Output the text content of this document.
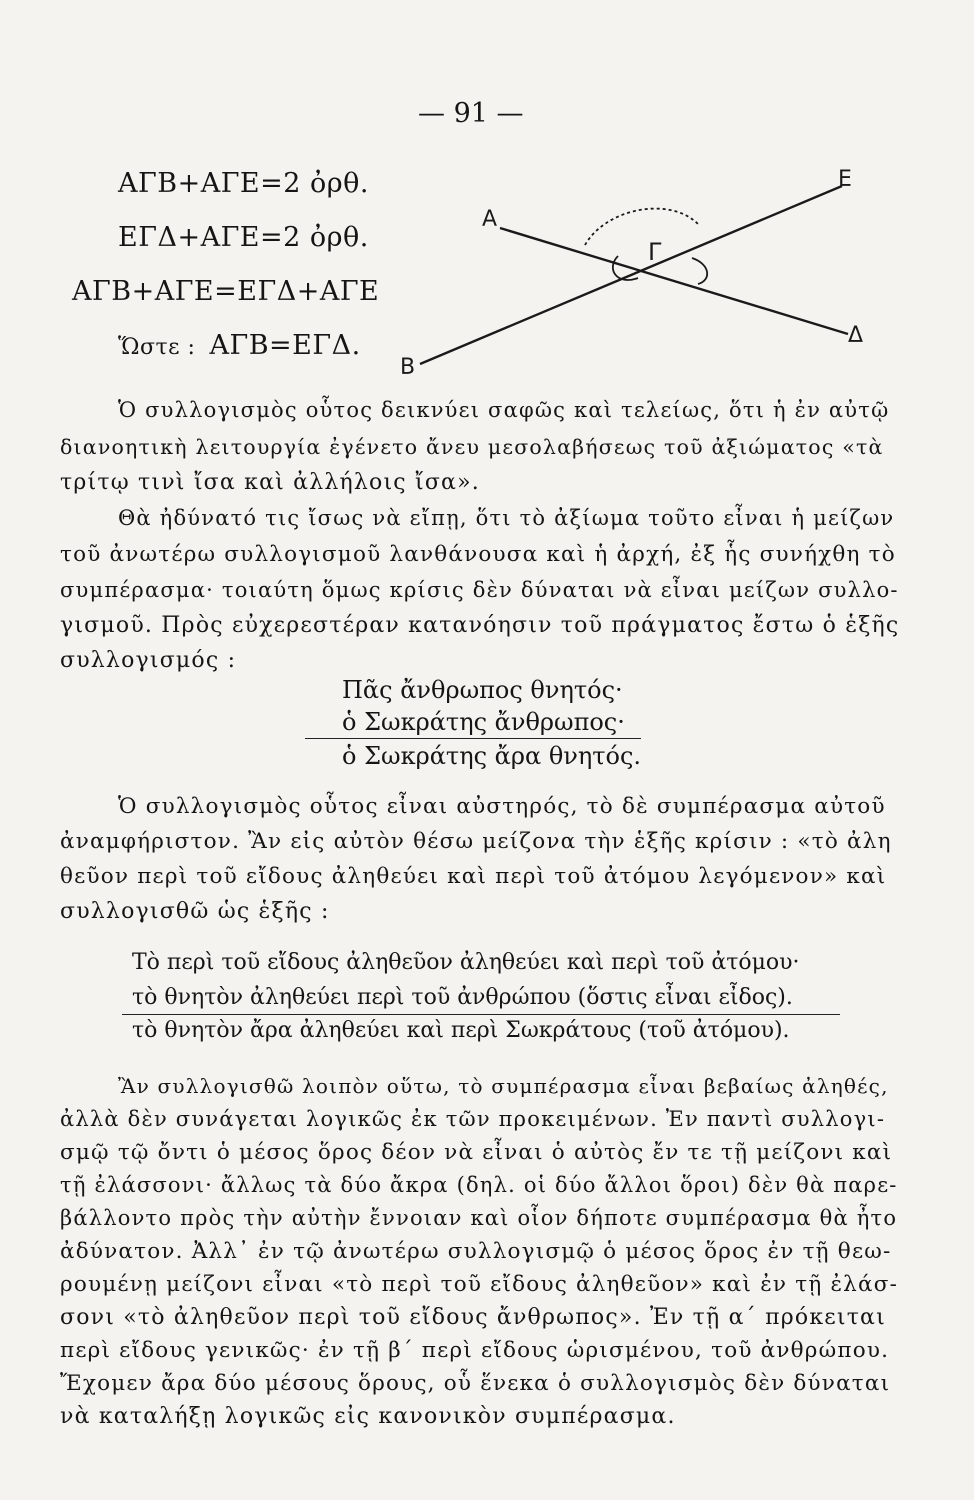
— 91 —
ΑΓΒ+ΑΓΕ=2 ὀρθ.
ΕΓΔ+ΑΓΕ=2 ὀρθ.
ΑΓΒ+ΑΓΕ=ΕΓΔ+ΑΓΕ
Ὥστε : ΑΓΒ=ΕΓΔ.
Α
Γ
Ε
Δ
Β
Ὁ συλλογισμὸς οὗτος δεικνύει σαφῶς καὶ τελείως, ὅτι ἡ ἐν αὐτῷ
διανοητικὴ λειτουργία ἐγένετο ἄνευ μεσολαβήσεως τοῦ ἀξιώματος «τὰ
τρίτῳ τινὶ ἴσα καὶ ἀλλήλοις ἴσα».
Θὰ ἠδύνατό τις ἴσως νὰ εἴπῃ, ὅτι τὸ ἀξίωμα τοῦτο εἶναι ἡ μείζων
τοῦ ἀνωτέρω συλλογισμοῦ λανθάνουσα καὶ ἡ ἀρχή, ἐξ ἧς συνήχθη τὸ
συμπέρασμα· τοιαύτη ὅμως κρίσις δὲν δύναται νὰ εἶναι μείζων συλλο-
γισμοῦ. Πρὸς εὐχερεστέραν κατανόησιν τοῦ πράγματος ἔστω ὁ ἑξῆς
συλλογισμός :
Πᾶς ἄνθρωπος θνητός·
ὁ Σωκράτης ἄνθρωπος·
ὁ Σωκράτης ἄρα θνητός.
Ὁ συλλογισμὸς οὗτος εἶναι αὐστηρός, τὸ δὲ συμπέρασμα αὐτοῦ
ἀναμφήριστον. Ἂν εἰς αὐτὸν θέσω μείζονα τὴν ἑξῆς κρίσιν : «τὸ ἀλη
θεῦον περὶ τοῦ εἴδους ἀληθεύει καὶ περὶ τοῦ ἀτόμου λεγόμενον» καὶ
συλλογισθῶ ὡς ἑξῆς :
Τὸ περὶ τοῦ εἴδους ἀληθεῦον ἀληθεύει καὶ περὶ τοῦ ἀτόμου·
τὸ θνητὸν ἀληθεύει περὶ τοῦ ἀνθρώπου (ὅστις εἶναι εἶδος).
τὸ θνητὸν ἄρα ἀληθεύει καὶ περὶ Σωκράτους (τοῦ ἀτόμου).
Ἂν συλλογισθῶ λοιπὸν οὕτω, τὸ συμπέρασμα εἶναι βεβαίως ἀληθές,
ἀλλὰ δὲν συνάγεται λογικῶς ἐκ τῶν προκειμένων. Ἐν παντὶ συλλογι-
σμῷ τῷ ὄντι ὁ μέσος ὅρος δέον νὰ εἶναι ὁ αὐτὸς ἔν τε τῇ μείζονι καὶ
τῇ ἐλάσσονι· ἄλλως τὰ δύο ἄκρα (δηλ. οἱ δύο ἄλλοι ὅροι) δὲν θὰ παρε-
βάλλοντο πρὸς τὴν αὐτὴν ἔννοιαν καὶ οἷον δήποτε συμπέρασμα θὰ ἦτο
ἀδύνατον. Ἀλλ᾽ ἐν τῷ ἀνωτέρω συλλογισμῷ ὁ μέσος ὅρος ἐν τῇ θεω-
ρουμένῃ μείζονι εἶναι «τὸ περὶ τοῦ εἴδους ἀληθεῦον» καὶ ἐν τῇ ἐλάσ-
σονι «τὸ ἀληθεῦον περὶ τοῦ εἴδους ἄνθρωπος». Ἐν τῇ α´ πρόκειται
περὶ εἴδους γενικῶς· ἐν τῇ β´ περὶ εἴδους ὡρισμένου, τοῦ ἀνθρώπου.
Ἔχομεν ἄρα δύο μέσους ὅρους, οὗ ἕνεκα ὁ συλλογισμὸς δὲν δύναται
νὰ καταλήξῃ λογικῶς εἰς κανονικὸν συμπέρασμα.
